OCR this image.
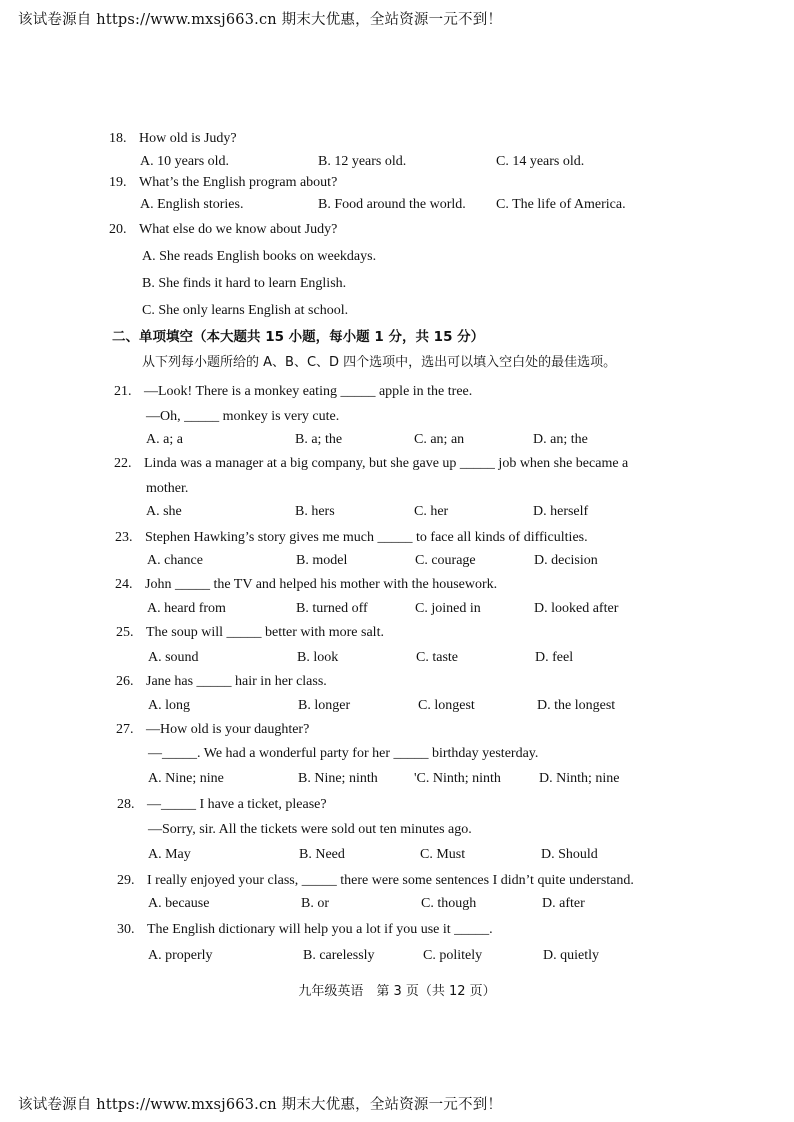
该试卷源自 https://www.mxsj663.cn 期末大优惠，全站资源一元不到！
18. How old is Judy?
A. 10 years old.	B. 12 years old.	C. 14 years old.
19. What’s the English program about?
A. English stories.	B. Food around the world. C. The life of America.
20. What else do we know about Judy?
A. She reads English books on weekdays.
B. She finds it hard to learn English.
C. She only learns English at school.
二、单项填空（本大题共 15 小题，每小题 1 分，共 15 分）
从下列每小题所给的 A、B、C、D 四个选项中，选出可以填入空白处的最佳选项。
21. —Look! There is a monkey eating _____ apple in the tree.
—Oh, _____ monkey is very cute.
A. a; a	B. a; the	C. an; an	D. an; the
22. Linda was a manager at a big company, but she gave up _____ job when she became a
mother.
A. she	B. hers	C. her	D. herself
23. Stephen Hawking’s story gives me much _____ to face all kinds of difficulties.
A. chance	B. model	C. courage	D. decision
24. John _____ the TV and helped his mother with the housework.
A. heard from	B. turned off	C. joined in	D. looked after
25. The soup will _____ better with more salt.
A. sound	B. look	C. taste	D. feel
26. Jane has _____ hair in her class.
A. long	B. longer	C. longest	D. the longest
27. —How old is your daughter?
—_____. We had a wonderful party for her _____ birthday yesterday.
A. Nine; nine	B. Nine; ninth	'C. Ninth; ninth	D. Ninth; nine
28. —_____ I have a ticket, please?
—Sorry, sir. All the tickets were sold out ten minutes ago.
A. May	B. Need	C. Must	D. Should
29. I really enjoyed your class, _____ there were some sentences I didn’t quite understand.
A. because	B. or	C. though	D. after
30. The English dictionary will help you a lot if you use it _____.
A. properly	B. carelessly	C. politely	D. quietly
九年级英语　第 3 页（共 12 页）
该试卷源自 https://www.mxsj663.cn 期末大优惠，全站资源一元不到！
